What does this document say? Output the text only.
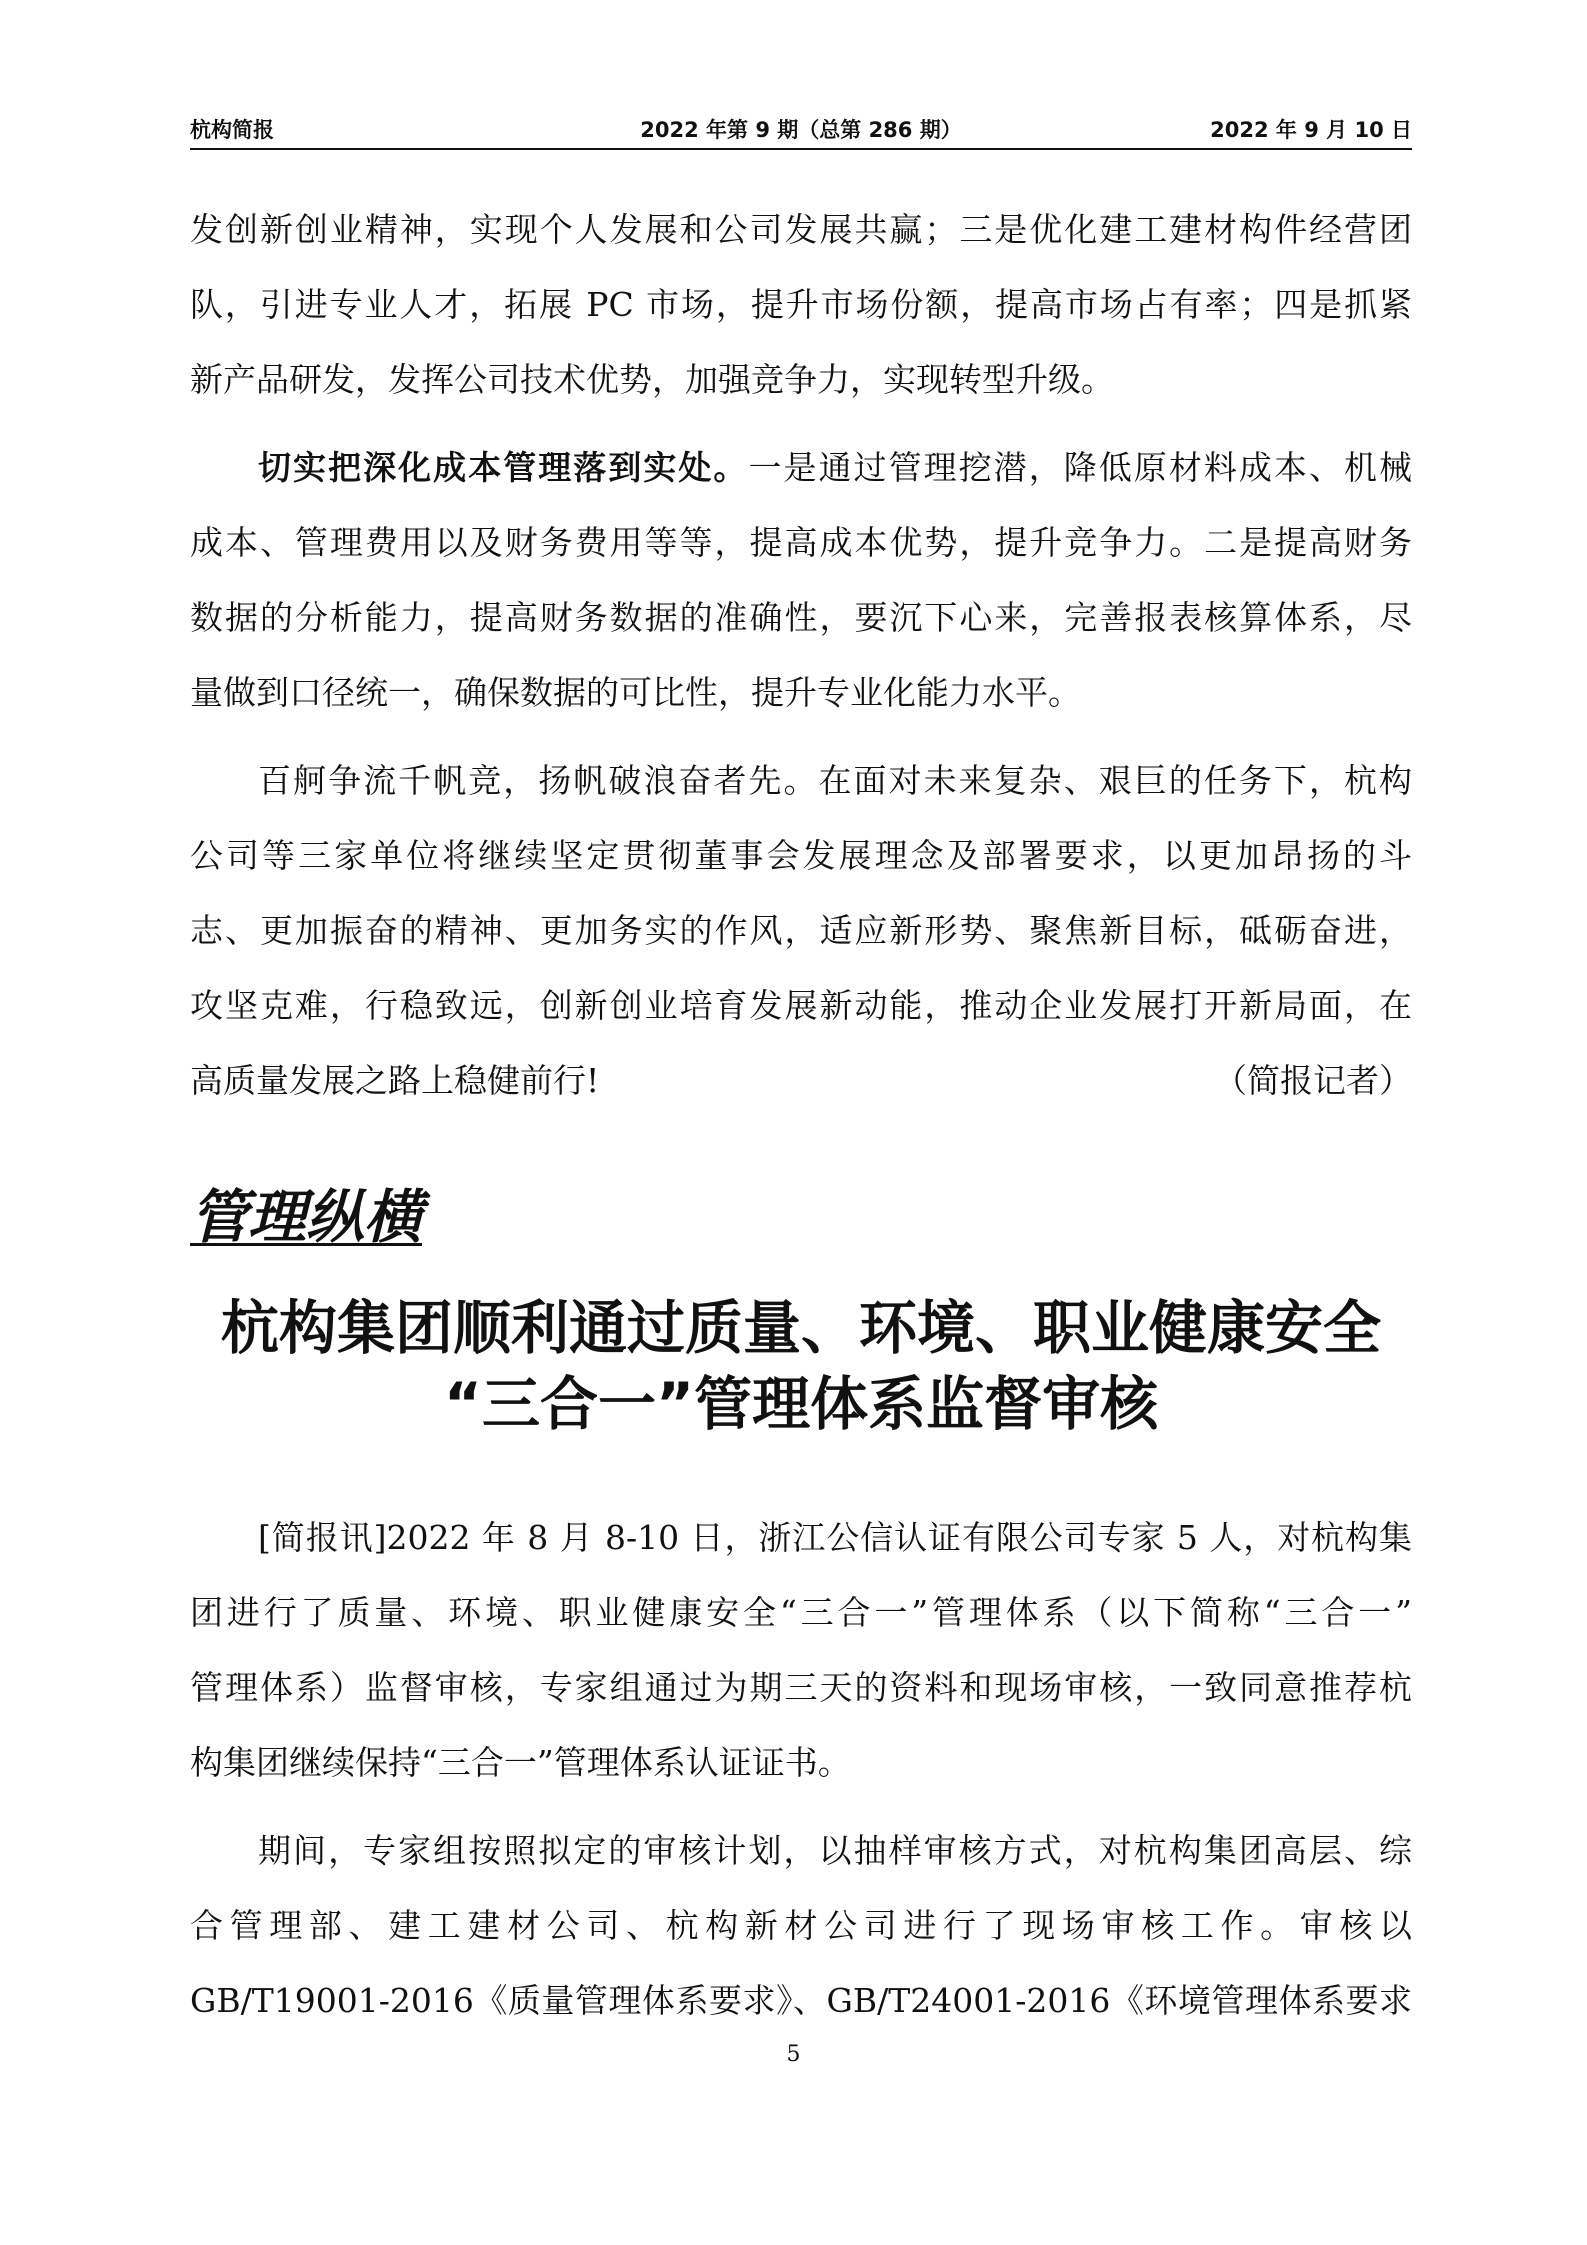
2022 年第 9 期（总第 286 期）
杭构简报	2022 年 9 月 10 日

发创新创业精神，实现个人发展和公司发展共赢；三是优化建工建材构件经营团

队，引进专业人才，拓展 PC 市场，提升市场份额，提高市场占有率；四是抓紧

新产品研发，发挥公司技术优势，加强竞争力，实现转型升级。

切实把深化成本管理落到实处。一是通过管理挖潜，降低原材料成本、机械

成本、管理费用以及财务费用等等，提高成本优势，提升竞争力。二是提高财务

数据的分析能力，提高财务数据的准确性，要沉下心来，完善报表核算体系，尽

量做到口径统一，确保数据的可比性，提升专业化能力水平。

百舸争流千帆竞，扬帆破浪奋者先。在面对未来复杂、艰巨的任务下，杭构

公司等三家单位将继续坚定贯彻董事会发展理念及部署要求，以更加昂扬的斗

志、更加振奋的精神、更加务实的作风，适应新形势、聚焦新目标，砥砺奋进，

攻坚克难，行稳致远，创新创业培育发展新动能，推动企业发展打开新局面，在

高质量发展之路上稳健前行!	（简报记者）

管理纵横
杭构集团顺利通过质量、环境、职业健康安全
“三合一”管理体系监督审核

[简报讯]2022 年 8 月 8-10 日，浙江公信认证有限公司专家 5 人，对杭构集

团进行了质量、环境、职业健康安全“三合一”管理体系（以下简称“三合一”

管理体系）监督审核，专家组通过为期三天的资料和现场审核，一致同意推荐杭

构集团继续保持“三合一”管理体系认证证书。

期间，专家组按照拟定的审核计划，以抽样审核方式，对杭构集团高层、综

合管理部、建工建材公司、杭构新材公司进行了现场审核工作。审核以

GB/T19001-2016《质量管理体系要求》、GB/T24001-2016《环境管理体系要求

5
